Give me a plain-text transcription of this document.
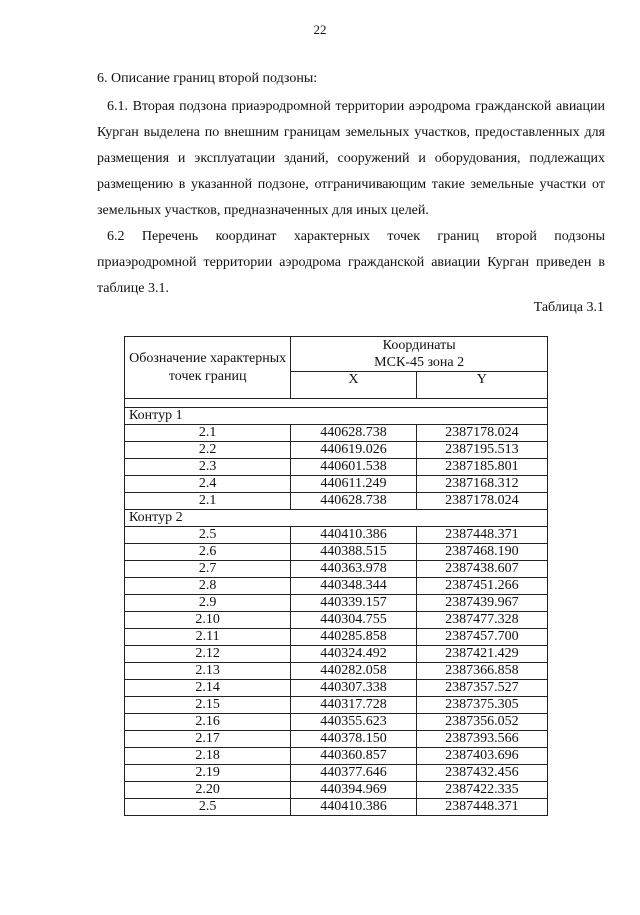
22
6. Описание границ второй подзоны:
6.1. Вторая подзона приаэродромной территории аэродрома гражданской авиации Курган выделена по внешним границам земельных участков, предоставленных для размещения и эксплуатации зданий, сооружений и оборудования, подлежащих размещению в указанной подзоне, отграничивающим такие земельные участки от земельных участков, предназначенных для иных целей.
6.2 Перечень координат характерных точек границ второй подзоны приаэродромной территории аэродрома гражданской авиации Курган приведен в таблице 3.1.
Таблица 3.1
Обозначение характерных точек границ	Координаты
МСК-45 зона 2	
	X	Y

Контур 1		
2.1	440628.738	2387178.024
2.2	440619.026	2387195.513
2.3	440601.538	2387185.801
2.4	440611.249	2387168.312
2.1	440628.738	2387178.024
Контур 2		
2.5	440410.386	2387448.371
2.6	440388.515	2387468.190
2.7	440363.978	2387438.607
2.8	440348.344	2387451.266
2.9	440339.157	2387439.967
2.10	440304.755	2387477.328
2.11	440285.858	2387457.700
2.12	440324.492	2387421.429
2.13	440282.058	2387366.858
2.14	440307.338	2387357.527
2.15	440317.728	2387375.305
2.16	440355.623	2387356.052
2.17	440378.150	2387393.566
2.18	440360.857	2387403.696
2.19	440377.646	2387432.456
2.20	440394.969	2387422.335
2.5	440410.386	2387448.371
